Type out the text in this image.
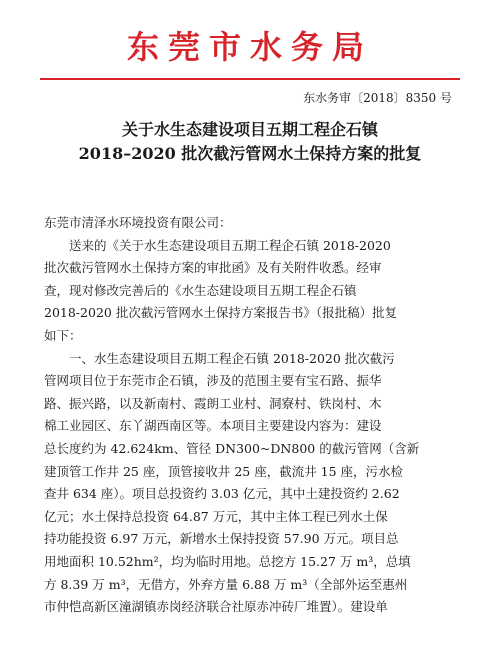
东莞市水务局
东水务审〔2018〕8350 号
关于水生态建设项目五期工程企石镇
2018–2020 批次截污管网水土保持方案的批复
东莞市清泽水环境投资有限公司：
送来的《关于水生态建设项目五期工程企石镇 2018-2020
批次截污管网水土保持方案的审批函》及有关附件收悉。经审
查，现对修改完善后的《水生态建设项目五期工程企石镇
2018-2020 批次截污管网水土保持方案报告书》（报批稿）批复
如下：
一、水生态建设项目五期工程企石镇 2018-2020 批次截污
管网项目位于东莞市企石镇，涉及的范围主要有宝石路、振华
路、振兴路，以及新南村、霞朗工业村、洞寮村、铁岗村、木
棉工业园区、东丫湖西南区等。本项目主要建设内容为：建设
总长度约为 42.624km、管径 DN300~DN800 的截污管网（含新
建顶管工作井 25 座，顶管接收井 25 座，截流井 15 座，污水检
查井 634 座）。项目总投资约 3.03 亿元，其中土建投资约 2.62
亿元；水土保持总投资 64.87 万元，其中主体工程已列水土保
持功能投资 6.97 万元，新增水土保持投资 57.90 万元。项目总
用地面积 10.52hm²，均为临时用地。总挖方 15.27 万 m³，总填
方 8.39 万 m³，无借方，外弃方量 6.88 万 m³（全部外运至惠州
市仲恺高新区潼湖镇赤岗经济联合社原赤冲砖厂堆置）。建设单
